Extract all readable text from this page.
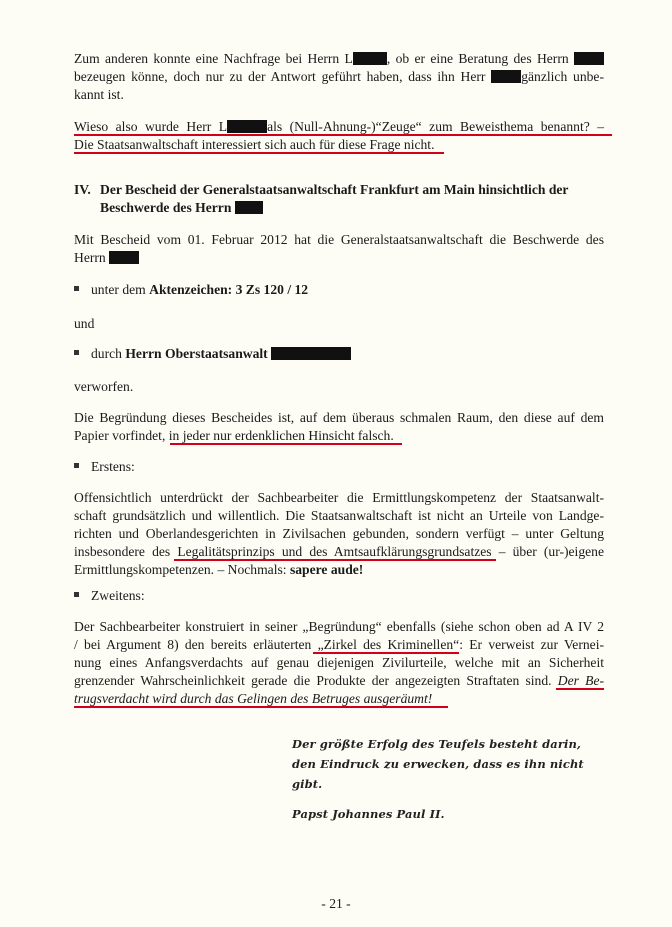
Zum anderen konnte eine Nachfrage bei Herrn L	, ob er eine Beratung des Herrn
bezeugen könne, doch nur zu der Antwort geführt haben, dass ihn Herr	gänzlich unbe-
kannt ist.
Wieso also wurde Herr L	als (Null-Ahnung-)“Zeuge“ zum Beweisthema benannt? –
Die Staatsanwaltschaft interessiert sich auch für diese Frage nicht.
IV. Der Bescheid der Generalstaatsanwaltschaft Frankfurt am Main hinsichtlich der
Beschwerde des Herrn
Mit Bescheid vom 01. Februar 2012 hat die Generalstaatsanwaltschaft die Beschwerde des
Herrn
unter dem Aktenzeichen: 3 Zs 120 / 12
und
durch Herrn Oberstaatsanwalt
verworfen.
Die Begründung dieses Bescheides ist, auf dem überaus schmalen Raum, den diese auf dem
Papier vorfindet, in jeder nur erdenklichen Hinsicht falsch.
Erstens:
Offensichtlich unterdrückt der Sachbearbeiter die Ermittlungskompetenz der Staatsanwalt-
schaft grundsätzlich und willentlich. Die Staatsanwaltschaft ist nicht an Urteile von Landge-
richten und Oberlandesgerichten in Zivilsachen gebunden, sondern verfügt – unter Geltung
insbesondere des Legalitätsprinzips und des Amtsaufklärungsgrundsatzes – über (ur-)eigene
Ermittlungskompetenzen. – Nochmals: sapere aude!
Zweitens:
Der Sachbearbeiter konstruiert in seiner „Begründung“ ebenfalls (siehe schon oben ad A IV 2
/ bei Argument 8) den bereits erläuterten „Zirkel des Kriminellen“: Er verweist zur Vernei-
nung eines Anfangsverdachts auf genau diejenigen Zivilurteile, welche mit an Sicherheit
grenzender Wahrscheinlichkeit gerade die Produkte der angezeigten Straftaten sind. Der Be-
trugsverdacht wird durch das Gelingen des Betruges ausgeräumt!
Der größte Erfolg des Teufels besteht darin,
den Eindruck zu erwecken, dass es ihn nicht gibt.
Papst Johannes Paul II.
- 21 -
